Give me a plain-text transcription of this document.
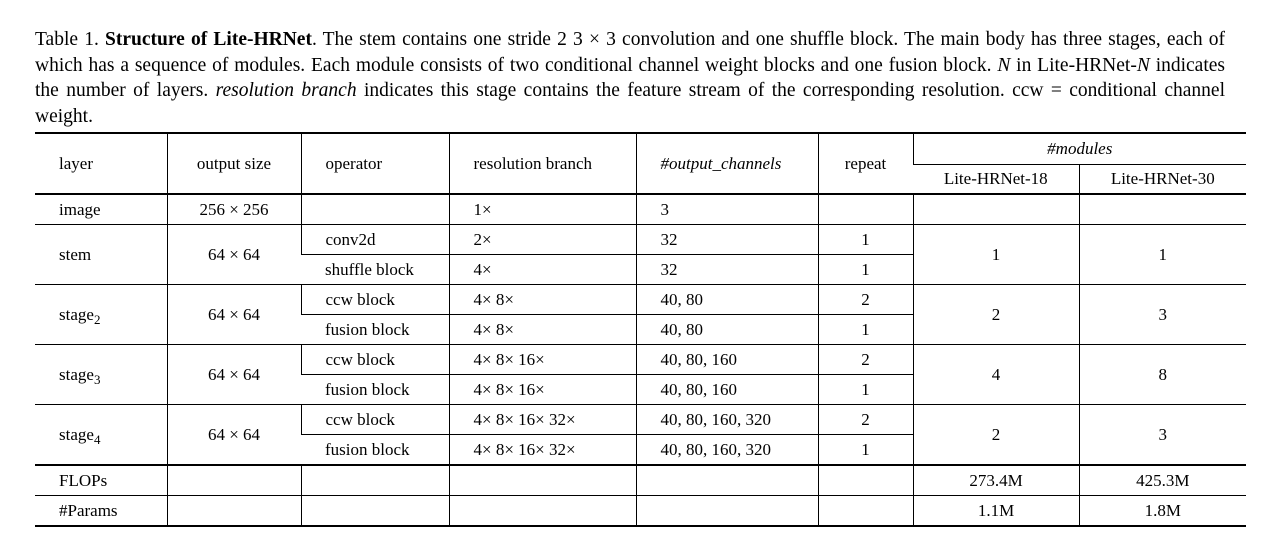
Table 1. Structure of Lite-HRNet. The stem contains one stride 2 3 × 3 convolution and one shuffle block. The main body has three stages, each of which has a sequence of modules. Each module consists of two conditional channel weight blocks and one fusion block. N in Lite-HRNet-N indicates the number of layers. resolution branch indicates this stage contains the feature stream of the corresponding resolution. ccw = conditional channel weight.
layer	output size	operator	resolution branch	#output_channels	repeat	#modules	
						Lite-HRNet-18	Lite-HRNet-30
image	256 × 256		1×	3			
stem	64 × 64	conv2d	2×	32	1	1	1
		shuffle block	4×	32	1		
stage$_2$	64 × 64	ccw block	4× 8×	40, 80	2	2	3
		fusion block	4× 8×	40, 80	1		
stage$_3$	64 × 64	ccw block	4× 8× 16×	40, 80, 160	2	4	8
		fusion block	4× 8× 16×	40, 80, 160	1		
stage$_4$	64 × 64	ccw block	4× 8× 16× 32×	40, 80, 160, 320	2	2	3
		fusion block	4× 8× 16× 32×	40, 80, 160, 320	1		
FLOPs						273.4M	425.3M
#Params						1.1M	1.8M
